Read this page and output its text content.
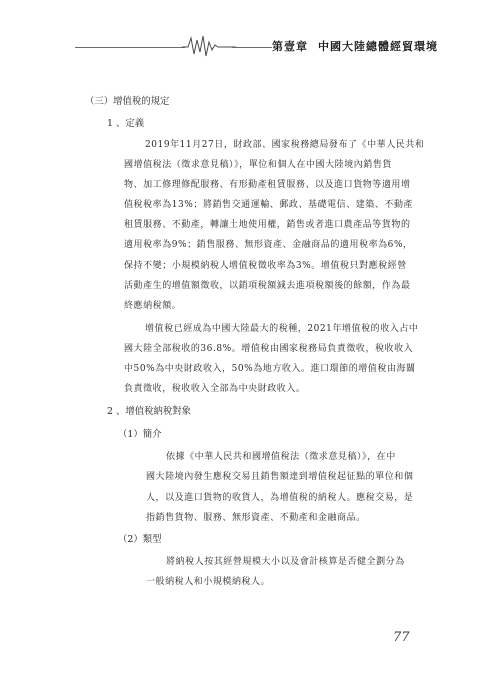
第壹章 中國大陸總體經貿環境
（三）增值稅的規定
1 、定義
2019年11月27日，財政部、國家稅務總局發布了《中華人民共和
國增值稅法（徵求意見稿）》，單位和個人在中國大陸境內銷售貨
物、加工修理修配服務、有形動產租賃服務、以及進口貨物等適用增
值稅稅率為13%；將銷售交通運輸、郵政、基礎電信、建築、不動產
租賃服務、不動產，轉讓土地使用權，銷售或者進口農產品等貨物的
適用稅率為9%；銷售服務、無形資產、金融商品的適用稅率為6%，
保持不變；小規模納稅人增值稅徵收率為3%。增值稅只對應稅經營
活動產生的增值額徵收，以銷項稅額減去進項稅額後的餘額，作為最
終應納稅額。
增值稅已經成為中國大陸最大的稅種，2021年增值稅的收入占中
國大陸全部稅收的36.8%。增值稅由國家稅務局負責徵收，稅收收入
中50%為中央財政收入，50%為地方收入。進口環節的增值稅由海關
負責徵收，稅收收入全部為中央財政收入。
2 、增值稅納稅對象
（1）簡介
依據《中華人民共和國增值稅法（徵求意見稿）》，在中
國大陸境內發生應稅交易且銷售額達到增值稅起征點的單位和個
人，以及進口貨物的收貨人，為增值稅的納稅人。應稅交易，是
指銷售貨物、服務、無形資產、不動產和金融商品。
（2）類型
將納稅人按其經營規模大小以及會計核算是否健全劃分為
一般納稅人和小規模納稅人。
77
